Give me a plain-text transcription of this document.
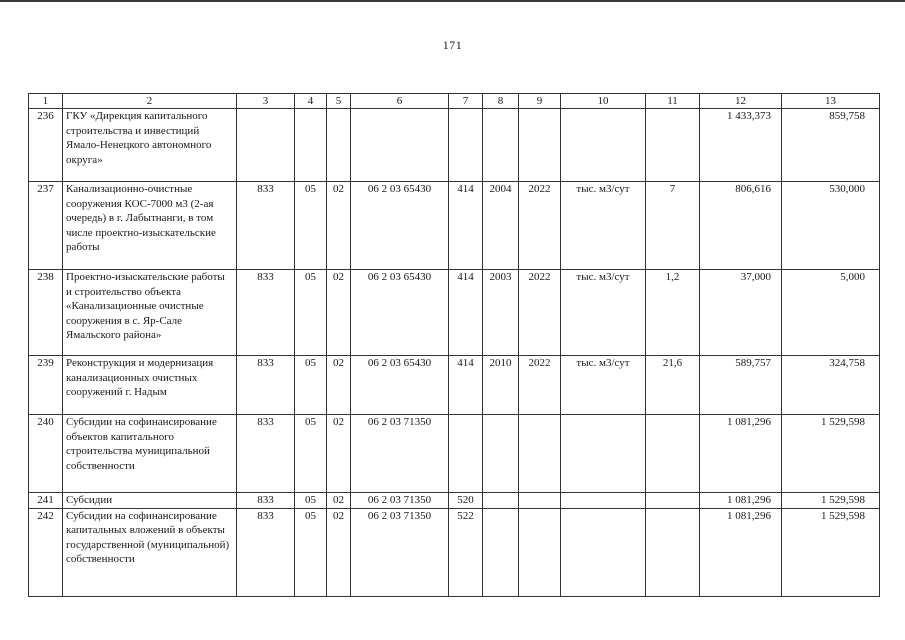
171
1	2	3	4	5	6	7	8	9	10	11	12	13
236	ГКУ «Дирекция капитального строительства и инвестиций Ямало-Ненецкого автономного округа»										1 433,373	859,758
237	Канализационно-очистные сооружения КОС-7000 м3 (2-ая очередь) в г. Лабытнанги, в том числе проектно-изыскательские работы	833	05	02	06 2 03 65430	414	2004	2022	тыс. м3/сут	7	806,616	530,000
238	Проектно-изыскательские работы и строительство объекта «Канализационные очистные сооружения в с. Яр-Сале Ямальского района»	833	05	02	06 2 03 65430	414	2003	2022	тыс. м3/сут	1,2	37,000	5,000
239	Реконструкция и модернизация канализационных очистных сооружений г. Надым	833	05	02	06 2 03 65430	414	2010	2022	тыс. м3/сут	21,6	589,757	324,758
240	Субсидии на софинансирование объектов капитального строительства муниципальной собственности	833	05	02	06 2 03 71350						1 081,296	1 529,598
241	Субсидии	833	05	02	06 2 03 71350	520					1 081,296	1 529,598
242	Субсидии на софинансирование капитальных вложений в объекты государственной (муниципальной) собственности	833	05	02	06 2 03 71350	522					1 081,296	1 529,598
